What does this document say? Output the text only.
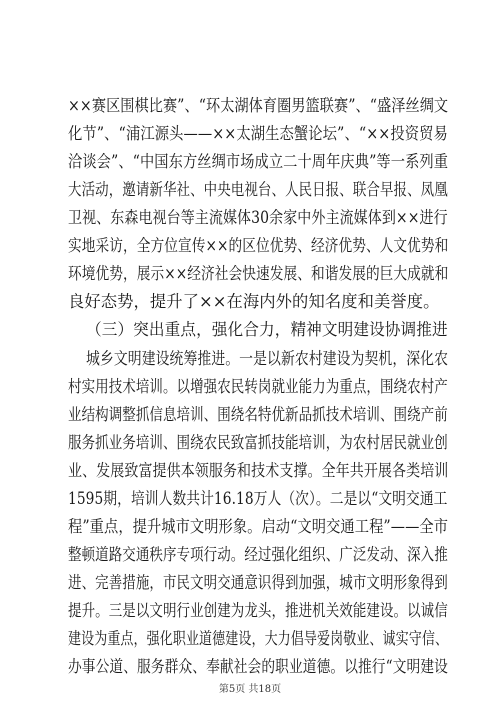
××赛区围棋比赛”、“环太湖体育圈男篮联赛”、“盛泽丝绸文
化节”、“浦江源头——××太湖生态蟹论坛”、“××投资贸易
洽谈会”、“中国东方丝绸市场成立二十周年庆典”等一系列重
大活动，邀请新华社、中央电视台、人民日报、联合早报、凤凰
卫视、东森电视台等主流媒体30余家中外主流媒体到××进行
实地采访，全方位宣传××的区位优势、经济优势、人文优势和
环境优势，展示××经济社会快速发展、和谐发展的巨大成就和
良好态势，提升了××在海内外的知名度和美誉度。
（三）突出重点，强化合力，精神文明建设协调推进
城乡文明建设统筹推进。一是以新农村建设为契机，深化农
村实用技术培训。以增强农民转岗就业能力为重点，围绕农村产
业结构调整抓信息培训、围绕名特优新品抓技术培训、围绕产前
服务抓业务培训、围绕农民致富抓技能培训，为农村居民就业创
业、发展致富提供本领服务和技术支撑。全年共开展各类培训
1595期，培训人数共计16.18万人（次）。二是以“文明交通工
程”重点，提升城市文明形象。启动“文明交通工程”——全市
整顿道路交通秩序专项行动。经过强化组织、广泛发动、深入推
进、完善措施，市民文明交通意识得到加强，城市文明形象得到
提升。三是以文明行业创建为龙头，推进机关效能建设。以诚信
建设为重点，强化职业道德建设，大力倡导爱岗敬业、诚实守信、
办事公道、服务群众、奉献社会的职业道德。以推行“文明建设
第5页 共18页
